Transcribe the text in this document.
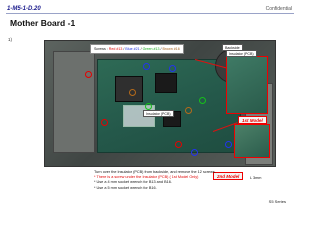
1-M5-1-D.20	Confidential
Mother Board -1
1)
Screws : Red #13 / Blue #21 / Green #13 / Brown #16	Backside
Insulator (PCB)
Insulator (PCB)
1st Model
2nd Model	L 3mm
Turn over the Insulator (PCB) from backside, and remove the 12 screws.
* There is a screw under the Insulator (PCB) ( 1st Model Only)
* Use a 4 mm socket wrench for B13 and B16.
* Use a 5 mm socket wrench for B16.
S5 Series
